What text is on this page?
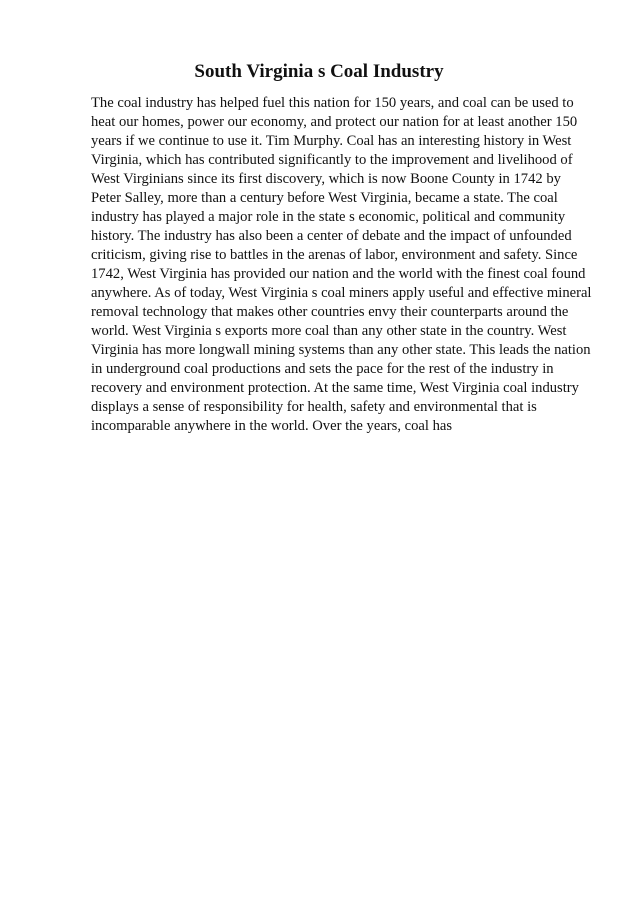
South Virginia s Coal Industry
The coal industry has helped fuel this nation for 150 years, and coal can be used to
heat our homes, power our economy, and protect our nation for at least another 150
years if we continue to use it. Tim Murphy. Coal has an interesting history in West
Virginia, which has contributed significantly to the improvement and livelihood of
West Virginians since its first discovery, which is now Boone County in 1742 by
Peter Salley, more than a century before West Virginia, became a state. The coal
industry has played a major role in the state s economic, political and community
history. The industry has also been a center of debate and the impact of unfounded
criticism, giving rise to battles in the arenas of labor, environment and safety. Since
1742, West Virginia has provided our nation and the world with the finest coal found
anywhere. As of today, West Virginia s coal miners apply useful and effective mineral
removal technology that makes other countries envy their counterparts around the
world. West Virginia s exports more coal than any other state in the country. West
Virginia has more longwall mining systems than any other state. This leads the nation
in underground coal productions and sets the pace for the rest of the industry in
recovery and environment protection. At the same time, West Virginia coal industry
displays a sense of responsibility for health, safety and environmental that is
incomparable anywhere in the world. Over the years, coal has
